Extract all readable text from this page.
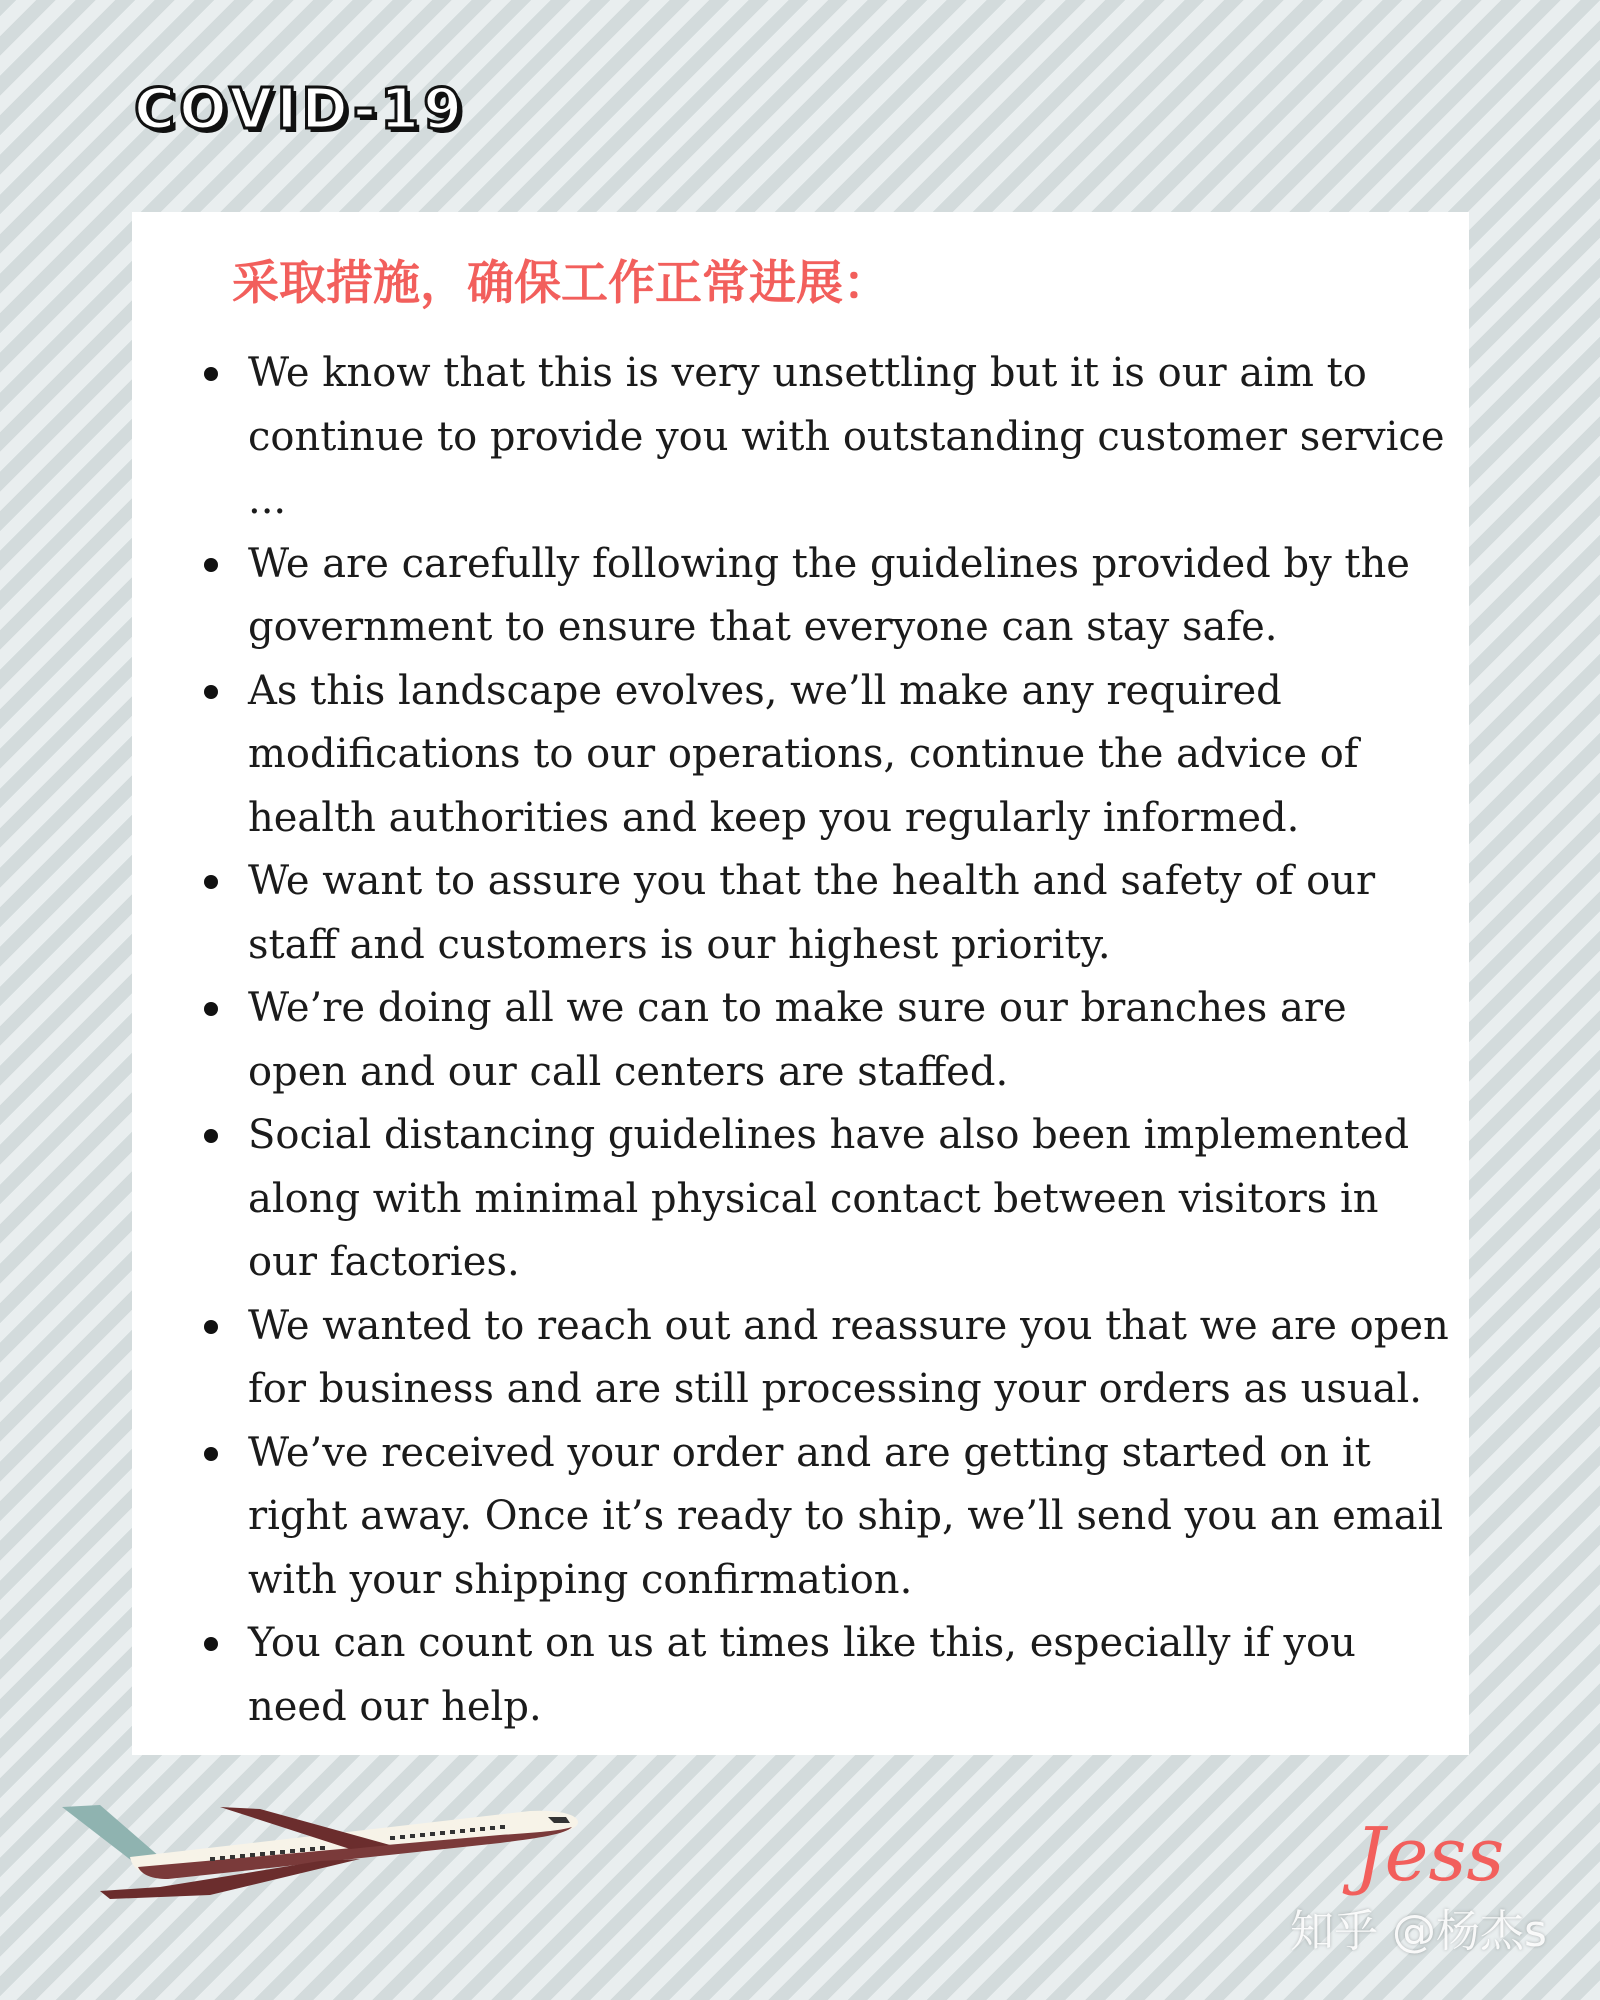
COVID-19
采取措施，确保工作正常进展：
We know that this is very unsettling but it is our aim to continue to provide you with outstanding customer service ...
We are carefully following the guidelines provided by the government to ensure that everyone can stay safe.
As this landscape evolves, we’ll make any required modifications to our operations, continue the advice of health authorities and keep you regularly informed.
We want to assure you that the health and safety of our staff and customers is our highest priority.
We’re doing all we can to make sure our branches are open and our call centers are staffed.
Social distancing guidelines have also been implemented along with minimal physical contact between visitors in our factories.
We wanted to reach out and reassure you that we are open for business and are still processing your orders as usual.
We’ve received your order and are getting started on it right away. Once it’s ready to ship, we’ll send you an email with your shipping confirmation.
You can count on us at times like this, especially if you need our help.
Jess
知乎 @杨杰s
